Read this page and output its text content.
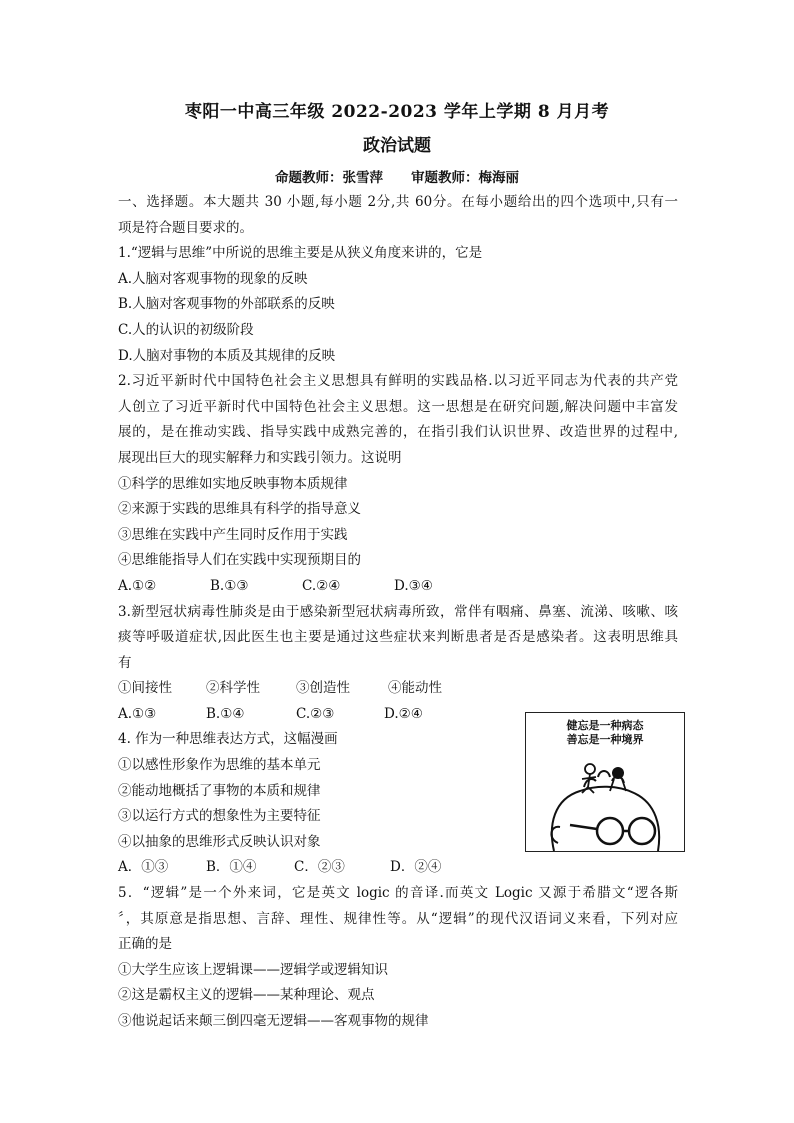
枣阳一中高三年级 2022-2023 学年上学期 8 月月考
政治试题
命题教师：张雪萍 审题教师：梅海丽
一、选择题。本大题共 30 小题,每小题 2分,共 60分。在每小题给出的四个选项中,只有一
项是符合题目要求的。
1.“逻辑与思维”中所说的思维主要是从狭义角度来讲的，它是
A.人脑对客观事物的现象的反映
B.人脑对客观事物的外部联系的反映
C.人的认识的初级阶段
D.人脑对事物的本质及其规律的反映
2.习近平新时代中国特色社会主义思想具有鲜明的实践品格.以习近平同志为代表的共产党
人创立了习近平新时代中国特色社会主义思想。这一思想是在研究问题,解决问题中丰富发
展的，是在推动实践、指导实践中成熟完善的，在指引我们认识世界、改造世界的过程中,
展现出巨大的现实解释力和实践引领力。这说明
①科学的思维如实地反映事物本质规律
②来源于实践的思维具有科学的指导意义
③思维在实践中产生同时反作用于实践
④思维能指导人们在实践中实现预期目的
A.①②	B.①③	C.②④	D.③④
3.新型冠状病毒性肺炎是由于感染新型冠状病毒所致，常伴有咽痛、鼻塞、流涕、咳嗽、咳
痰等呼吸道症状,因此医生也主要是通过这些症状来判断患者是否是感染者。这表明思维具
有
①间接性	②科学性	③创造性	④能动性
A.①③	B.①④	C.②③	D.②④
4. 作为一种思维表达方式，这幅漫画
①以感性形象作为思维的基本单元
②能动地概括了事物的本质和规律
③以运行方式的想象性为主要特征
④以抽象的思维形式反映认识对象
A．①③	B．①④	C．②③	D．②④
5．“逻辑”是一个外来词，它是英文 logic 的音译.而英文 Logic 又源于希腊文“逻各斯
〞，其原意是指思想、言辞、理性、规律性等。从“逻辑”的现代汉语词义来看，下列对应
正确的是
①大学生应该上逻辑课——逻辑学或逻辑知识
②这是霸权主义的逻辑——某种理论、观点
③他说起话来颠三倒四毫无逻辑——客观事物的规律
健忘是一种病态
善忘是一种境界
